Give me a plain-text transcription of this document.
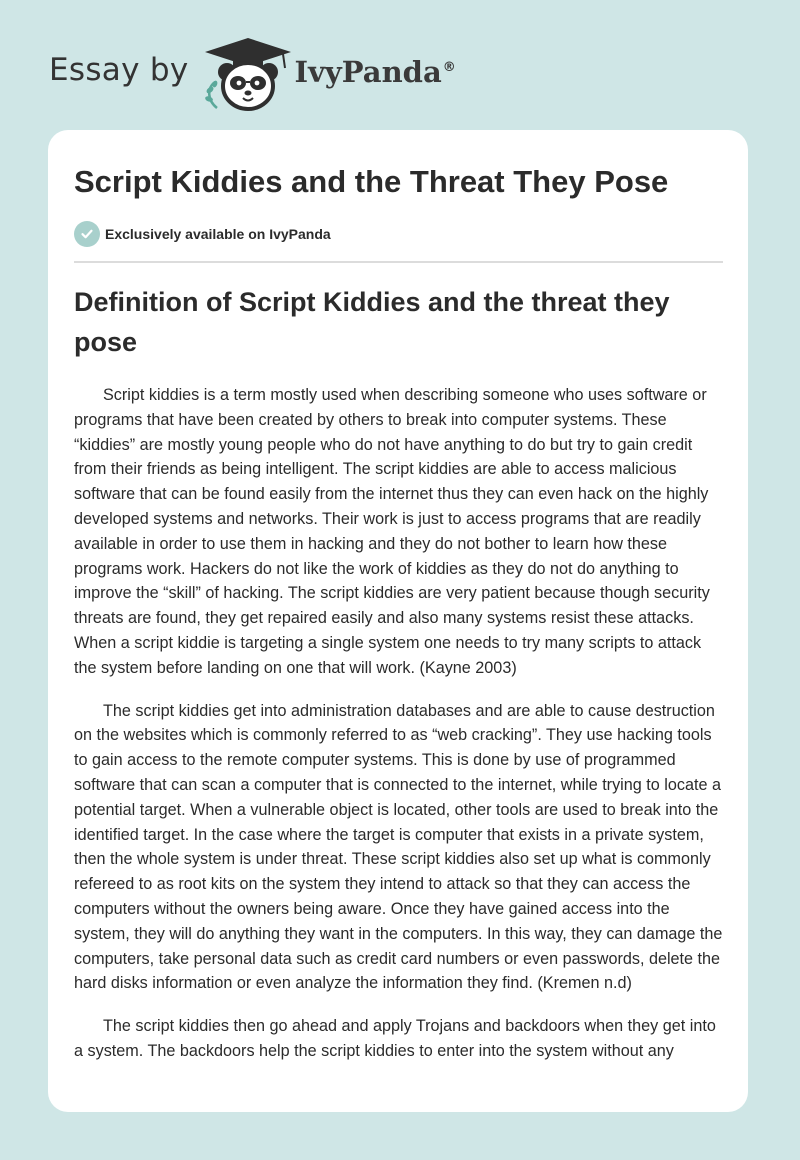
Essay by	IvyPanda®
Script Kiddies and the Threat They Pose
Exclusively available on IvyPanda
Definition of Script Kiddies and the threat they pose

Script kiddies is a term mostly used when describing someone who uses software or programs that have been created by others to break into computer systems. These “kiddies” are mostly young people who do not have anything to do but try to gain credit from their friends as being intelligent. The script kiddies are able to access malicious software that can be found easily from the internet thus they can even hack on the highly developed systems and networks. Their work is just to access programs that are readily available in order to use them in hacking and they do not bother to learn how these programs work. Hackers do not like the work of kiddies as they do not do anything to improve the “skill” of hacking. The script kiddies are very patient because though security threats are found, they get repaired easily and also many systems resist these attacks. When a script kiddie is targeting a single system one needs to try many scripts to attack the system before landing on one that will work. (Kayne 2003)

The script kiddies get into administration databases and are able to cause destruction on the websites which is commonly referred to as “web cracking”. They use hacking tools to gain access to the remote computer systems. This is done by use of programmed software that can scan a computer that is connected to the internet, while trying to locate a potential target. When a vulnerable object is located, other tools are used to break into the identified target. In the case where the target is computer that exists in a private system, then the whole system is under threat. These script kiddies also set up what is commonly refereed to as root kits on the system they intend to attack so that they can access the computers without the owners being aware. Once they have gained access into the system, they will do anything they want in the computers. In this way, they can damage the computers, take personal data such as credit card numbers or even passwords, delete the hard disks information or even analyze the information they find. (Kremen n.d)

The script kiddies then go ahead and apply Trojans and backdoors when they get into a system. The backdoors help the script kiddies to enter into the system without any
